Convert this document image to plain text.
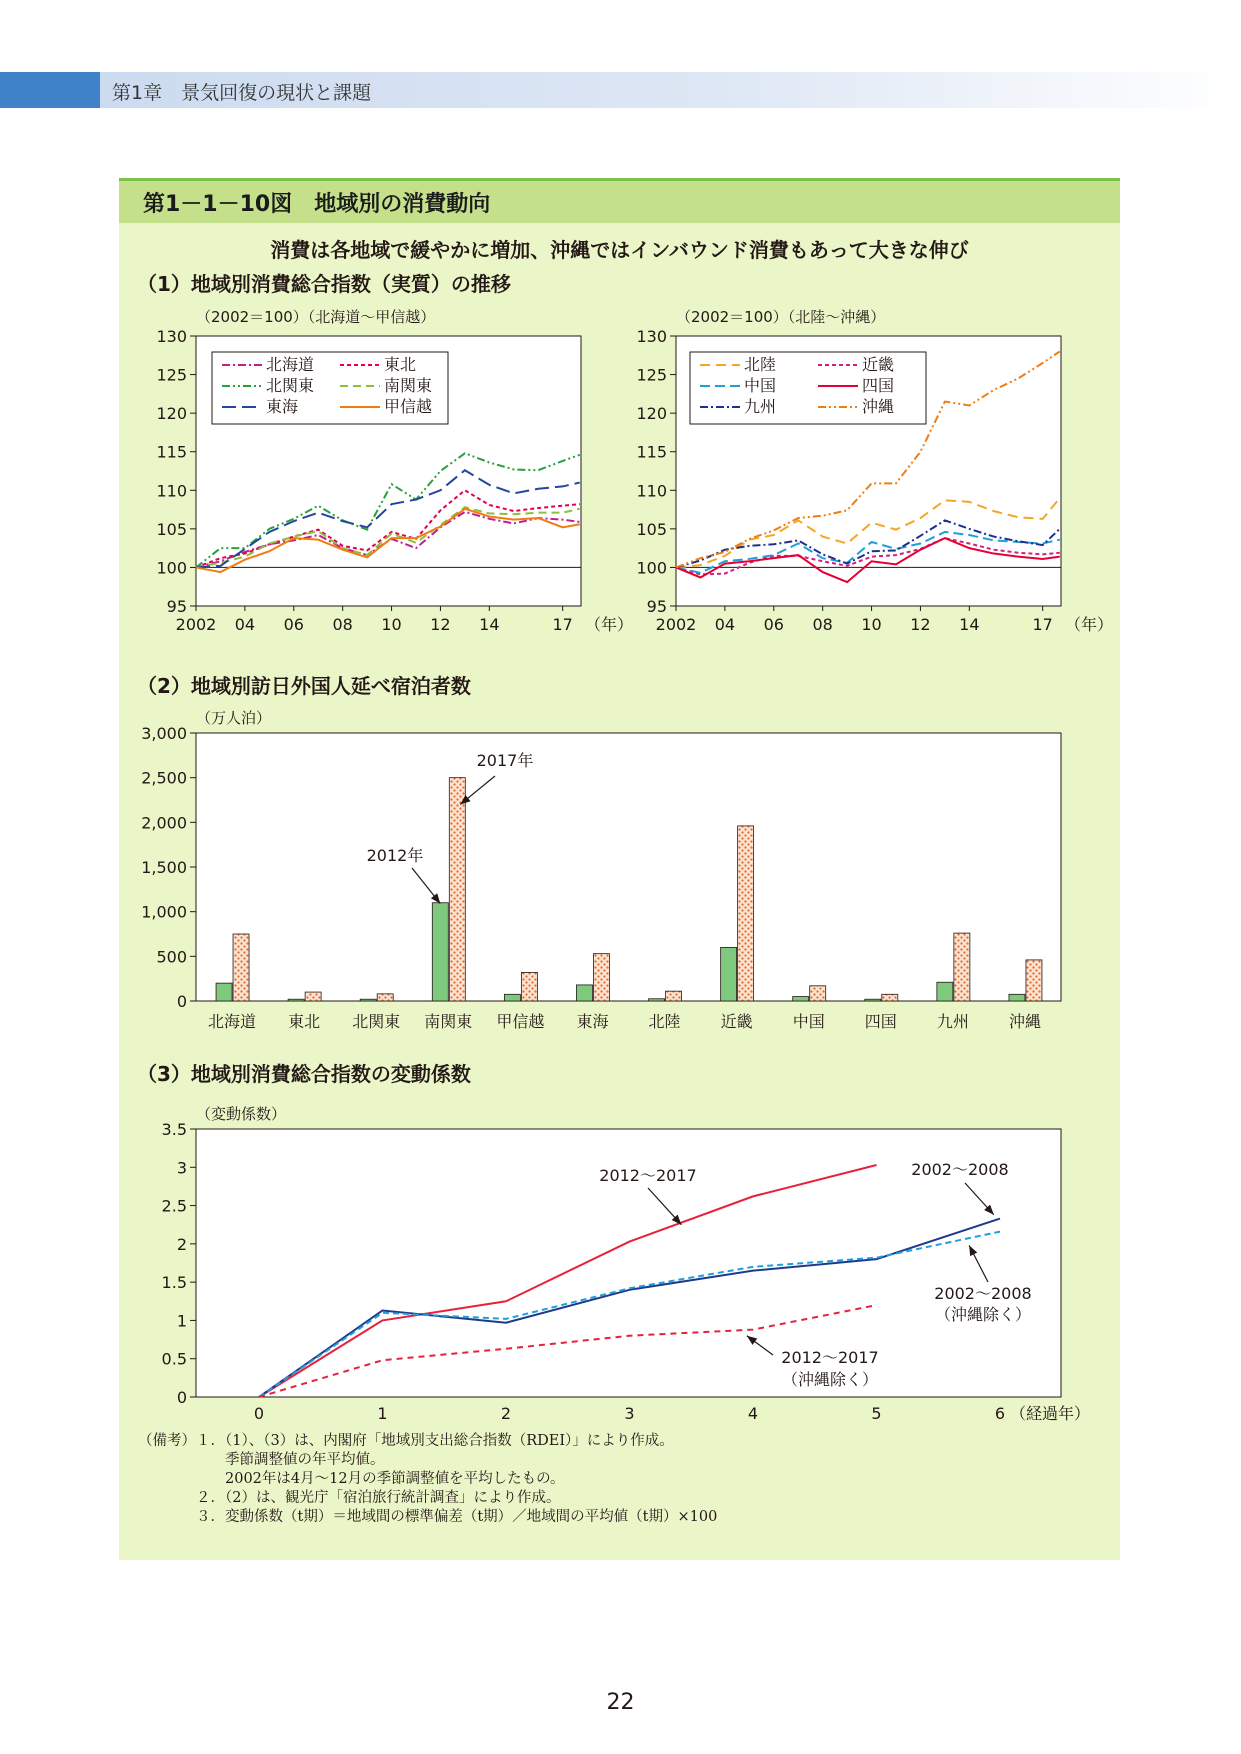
第1章　景気回復の現状と課題
第1－1－10図　地域別の消費動向
消費は各地域で緩やかに増加、沖縄ではインバウンド消費もあって大きな伸び
（1）地域別消費総合指数（実質）の推移
（2）地域別訪日外国人延べ宿泊者数
（3）地域別消費総合指数の変動係数
130
125
120
115
110
105
100
95
2002 04 06 08 10 12 14	17 （年）
（2002＝100）（北海道～甲信越）
北海道	東北
北関東	南関東
東海	甲信越
130
125
120
115
110
105
100
95
2002 04 06 08 10 12 14	17 （年）
（2002＝100）（北陸～沖縄）
北陸	近畿
中国	四国
九州	沖縄
3,000
2,500
2,000
1,500
1,000
500
0
（万人泊）
北海道 東北 北関東 南関東 甲信越 東海	北陸	近畿	中国	四国	九州	沖縄
2017年
2012年
3.5
3
2.5
2
1.5
1
0.5
0
0	1	2	3	4	5	6 （経過年）
（変動係数）
2012～2017	2002～2008
2002～2008
（沖縄除く）
2012～2017
（沖縄除く）
（備考）１．（1）、（3）は、内閣府「地域別支出総合指数（RDEI）」により作成。
　　　　　　季節調整値の年平均値。
　　　　　　2002年は4月～12月の季節調整値を平均したもの。
　　　　２．（2）は、観光庁「宿泊旅行統計調査」により作成。
　　　　３．変動係数（t期）＝地域間の標準偏差（t期）／地域間の平均値（t期）×100
22
